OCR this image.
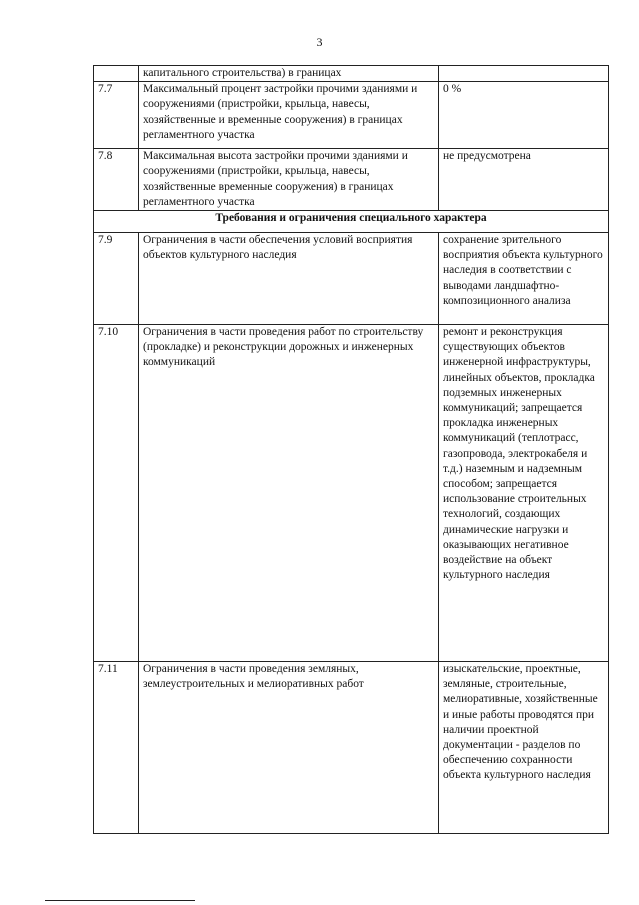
3
	капитального строительства) в границах	
7.7	Максимальный процент застройки прочими зданиями и сооружениями (пристройки, крыльца, навесы, хозяйственные и временные сооружения) в границах регламентного участка	0 %
7.8	Максимальная высота застройки прочими зданиями и сооружениями (пристройки, крыльца, навесы, хозяйственные временные сооружения) в границах регламентного участка	не предусмотрена
Требования и ограничения специального характера		
7.9	Ограничения в части обеспечения условий восприятия объектов культурного наследия	сохранение зрительного восприятия объекта культурного наследия в соответствии с выводами ландшафтно-композиционного анализа
7.10	Ограничения в части проведения работ по строительству (прокладке) и реконструкции дорожных и инженерных коммуникаций	ремонт и реконструкция существующих объектов инженерной инфраструктуры, линейных объектов, прокладка подземных инженерных коммуникаций; запрещается прокладка инженерных коммуникаций (теплотрасс, газопровода, электрокабеля и т.д.) наземным и надземным способом; запрещается использование строительных технологий, создающих динамические нагрузки и оказывающих негативное воздействие на объект культурного наследия
7.11	Ограничения в части проведения земляных, землеустроительных и мелиоративных работ	изыскательские, проектные, земляные, строительные, мелиоративные, хозяйственные и иные работы проводятся при наличии проектной документации - разделов по обеспечению сохранности объекта культурного наследия
